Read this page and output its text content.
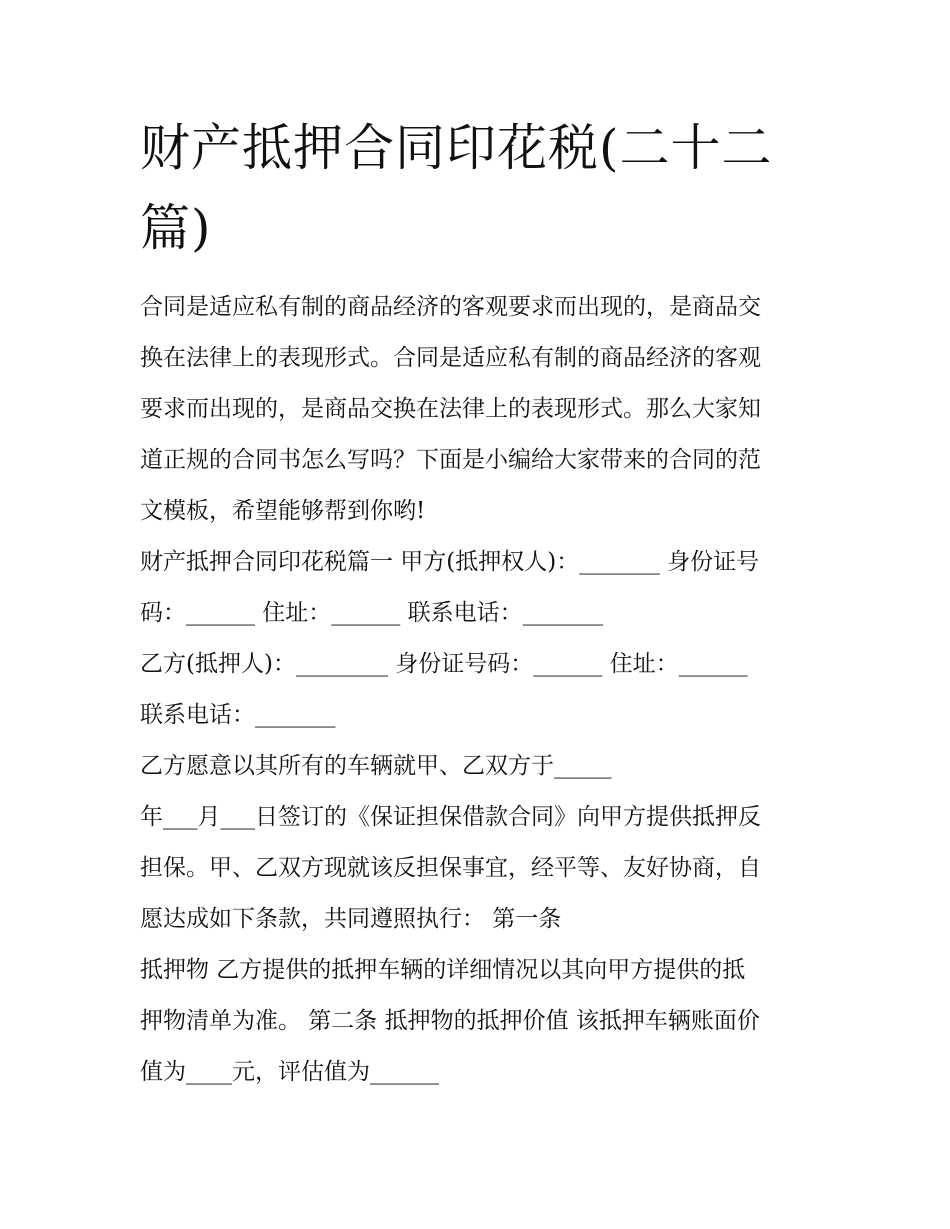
财产抵押合同印花税(二十二
篇)
合同是适应私有制的商品经济的客观要求而出现的，是商品交
换在法律上的表现形式。合同是适应私有制的商品经济的客观
要求而出现的，是商品交换在法律上的表现形式。那么大家知
道正规的合同书怎么写吗？下面是小编给大家带来的合同的范
文模板，希望能够帮到你哟!
财产抵押合同印花税篇一 甲方(抵押权人)：_______ 身份证号
码：______ 住址：______ 联系电话：_______
乙方(抵押人)：________ 身份证号码：______ 住址：______
联系电话：_______
乙方愿意以其所有的车辆就甲、乙双方于_____
年___月___日签订的《保证担保借款合同》向甲方提供抵押反
担保。甲、乙双方现就该反担保事宜，经平等、友好协商，自
愿达成如下条款，共同遵照执行： 第一条
抵押物 乙方提供的抵押车辆的详细情况以其向甲方提供的抵
押物清单为准。 第二条 抵押物的抵押价值 该抵押车辆账面价
值为____元，评估值为______
